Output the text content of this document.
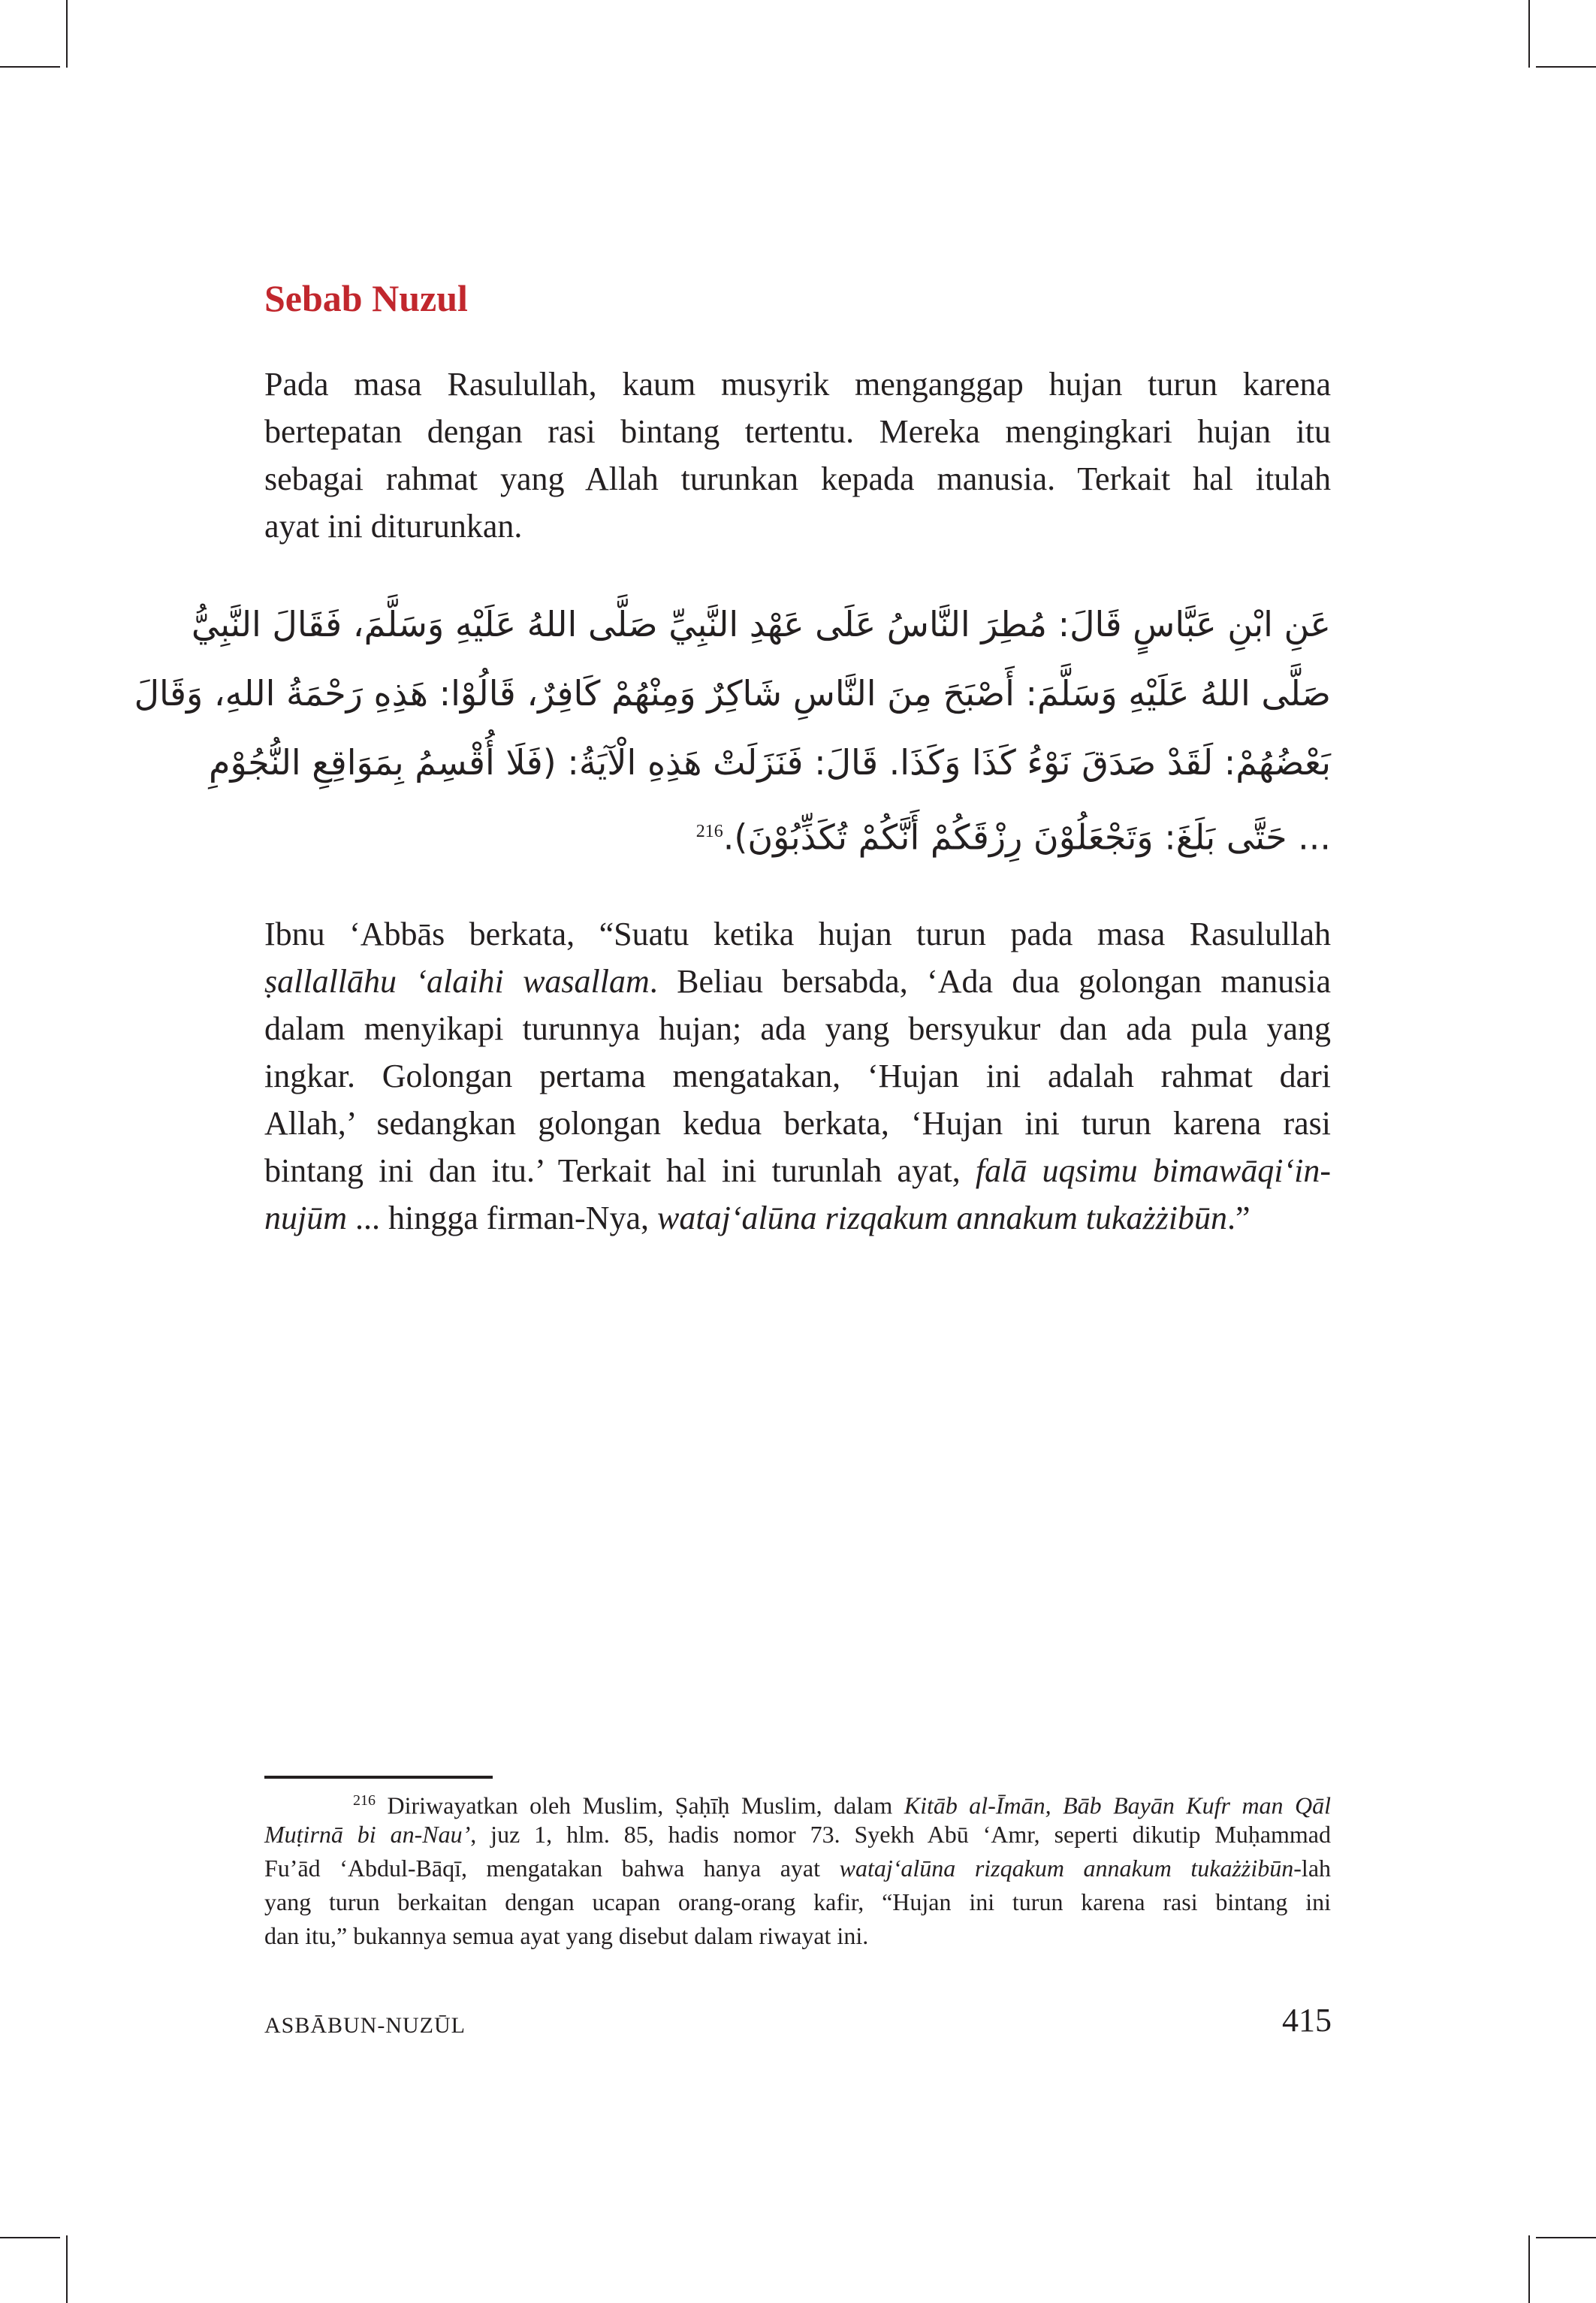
Sebab Nuzul
Pada masa Rasulullah, kaum musyrik menganggap hujan turun karena
bertepatan dengan rasi bintang tertentu. Mereka mengingkari hujan itu
sebagai rahmat yang Allah turunkan kepada manusia. Terkait hal itulah
ayat ini diturunkan.
عَنِ ابْنِ عَبَّاسٍ قَالَ: مُطِرَ النَّاسُ عَلَى عَهْدِ النَّبِيِّ صَلَّى اللهُ عَلَيْهِ وَسَلَّمَ، فَقَالَ النَّبِيُّ
صَلَّى اللهُ عَلَيْهِ وَسَلَّمَ: أَصْبَحَ مِنَ النَّاسِ شَاكِرٌ وَمِنْهُمْ كَافِرٌ، قَالُوْا: هَذِهِ رَحْمَةُ اللهِ، وَقَالَ
بَعْضُهُمْ: لَقَدْ صَدَقَ نَوْءُ كَذَا وَكَذَا. قَالَ: فَنَزَلَتْ هَذِهِ الْآيَةُ: (فَلَا أُقْسِمُ بِمَوَاقِعِ النُّجُوْمِ
... حَتَّى بَلَغَ: وَتَجْعَلُوْنَ رِزْقَكُمْ أَنَّكُمْ تُكَذِّبُوْنَ).$^{216}$
Ibnu ‘Abbās berkata, “Suatu ketika hujan turun pada masa Rasulullah
ṣallallāhu ‘alaihi wasallam. Beliau bersabda, ‘Ada dua golongan manusia
dalam menyikapi turunnya hujan; ada yang bersyukur dan ada pula yang
ingkar. Golongan pertama mengatakan, ‘Hujan ini adalah rahmat dari
Allah,’ sedangkan golongan kedua berkata, ‘Hujan ini turun karena rasi
bintang ini dan itu.’ Terkait hal ini turunlah ayat, falā uqsimu bimawāqi‘in-
nujūm ... hingga firman-Nya, wataj‘alūna rizqakum annakum tukażżibūn.”
$^{216}$ Diriwayatkan oleh Muslim, Ṣaḥīḥ Muslim, dalam Kitāb al-Īmān, Bāb Bayān Kufr man Qāl
Muṭirnā bi an-Nau’, juz 1, hlm. 85, hadis nomor 73. Syekh Abū ‘Amr, seperti dikutip Muḥammad
Fu’ād ‘Abdul-Bāqī, mengatakan bahwa hanya ayat wataj‘alūna rizqakum annakum tukażżibūn-lah
yang turun berkaitan dengan ucapan orang-orang kafir, “Hujan ini turun karena rasi bintang ini
dan itu,” bukannya semua ayat yang disebut dalam riwayat ini.
ASBĀBUN-NUZŪL	415
